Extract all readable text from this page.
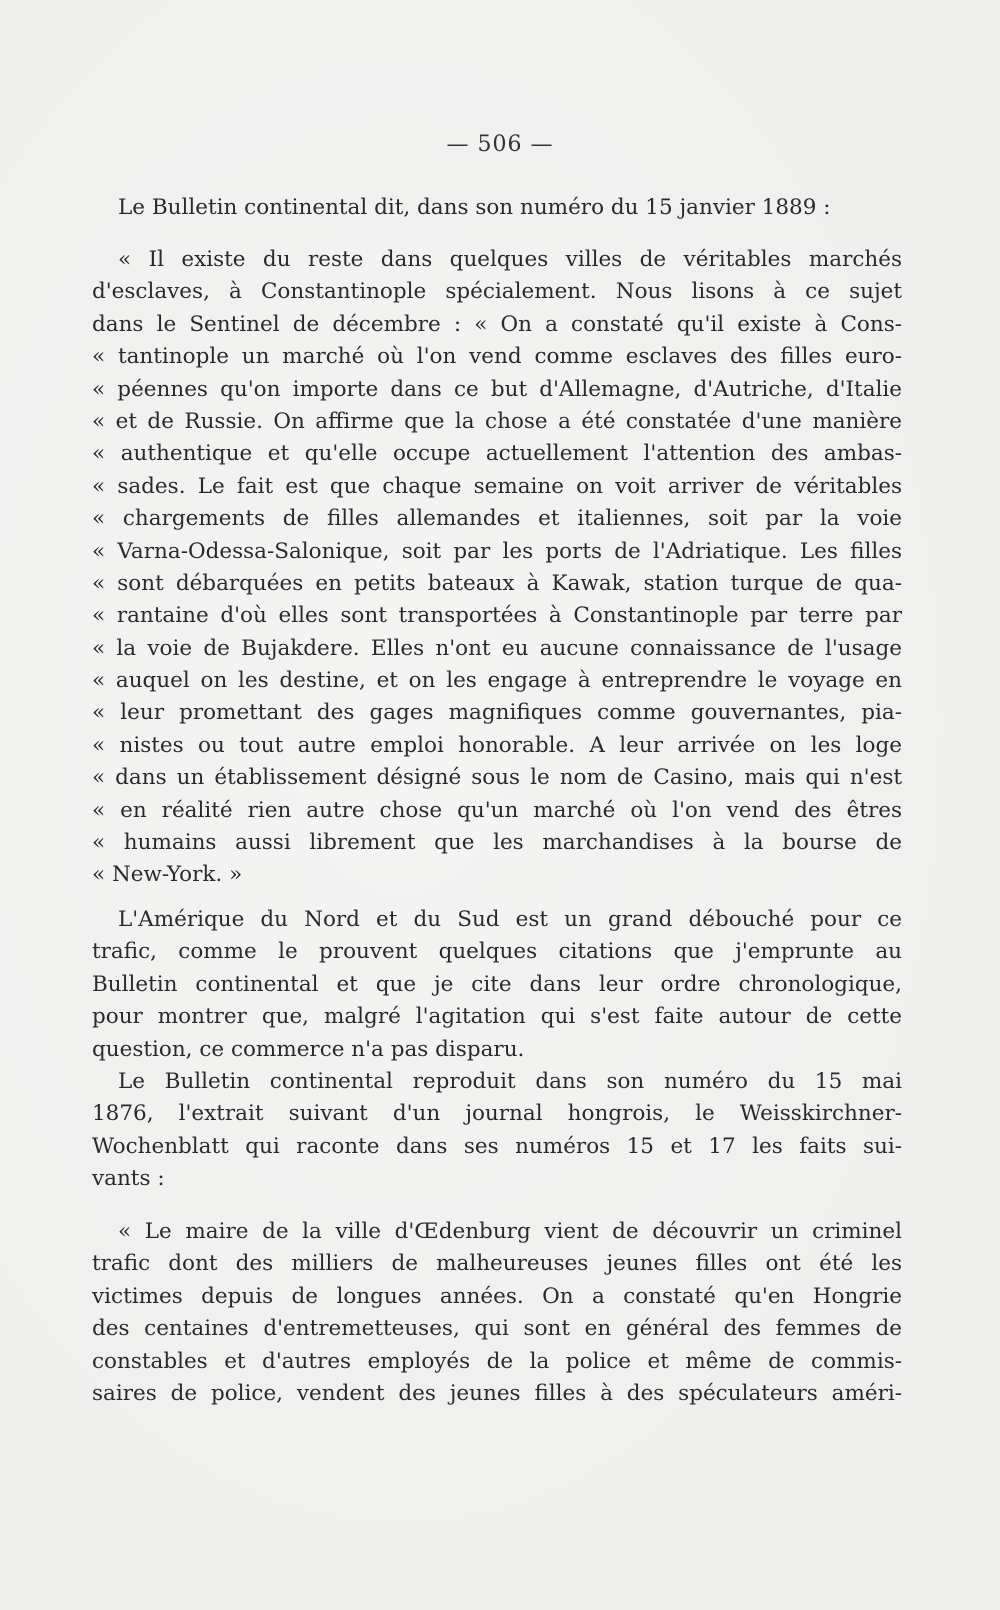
— 506 —
Le Bulletin continental dit, dans son numéro du 15 janvier 1889 :
« Il existe du reste dans quelques villes de véritables marchés
d'esclaves, à Constantinople spécialement. Nous lisons à ce sujet
dans le Sentinel de décembre : « On a constaté qu'il existe à Cons-
« tantinople un marché où l'on vend comme esclaves des filles euro-
« péennes qu'on importe dans ce but d'Allemagne, d'Autriche, d'Italie
« et de Russie. On affirme que la chose a été constatée d'une manière
« authentique et qu'elle occupe actuellement l'attention des ambas-
« sades. Le fait est que chaque semaine on voit arriver de véritables
« chargements de filles allemandes et italiennes, soit par la voie
« Varna-Odessa-Salonique, soit par les ports de l'Adriatique. Les filles
« sont débarquées en petits bateaux à Kawak, station turque de qua-
« rantaine d'où elles sont transportées à Constantinople par terre par
« la voie de Bujakdere. Elles n'ont eu aucune connaissance de l'usage
« auquel on les destine, et on les engage à entreprendre le voyage en
« leur promettant des gages magnifiques comme gouvernantes, pia-
« nistes ou tout autre emploi honorable. A leur arrivée on les loge
« dans un établissement désigné sous le nom de Casino, mais qui n'est
« en réalité rien autre chose qu'un marché où l'on vend des êtres
« humains aussi librement que les marchandises à la bourse de
« New-York. »
L'Amérique du Nord et du Sud est un grand débouché pour ce
trafic, comme le prouvent quelques citations que j'emprunte au
Bulletin continental et que je cite dans leur ordre chronologique,
pour montrer que, malgré l'agitation qui s'est faite autour de cette
question, ce commerce n'a pas disparu.
Le Bulletin continental reproduit dans son numéro du 15 mai
1876, l'extrait suivant d'un journal hongrois, le Weisskirchner-
Wochenblatt qui raconte dans ses numéros 15 et 17 les faits sui-
vants :
« Le maire de la ville d'Œdenburg vient de découvrir un criminel
trafic dont des milliers de malheureuses jeunes filles ont été les
victimes depuis de longues années. On a constaté qu'en Hongrie
des centaines d'entremetteuses, qui sont en général des femmes de
constables et d'autres employés de la police et même de commis-
saires de police, vendent des jeunes filles à des spéculateurs améri-
